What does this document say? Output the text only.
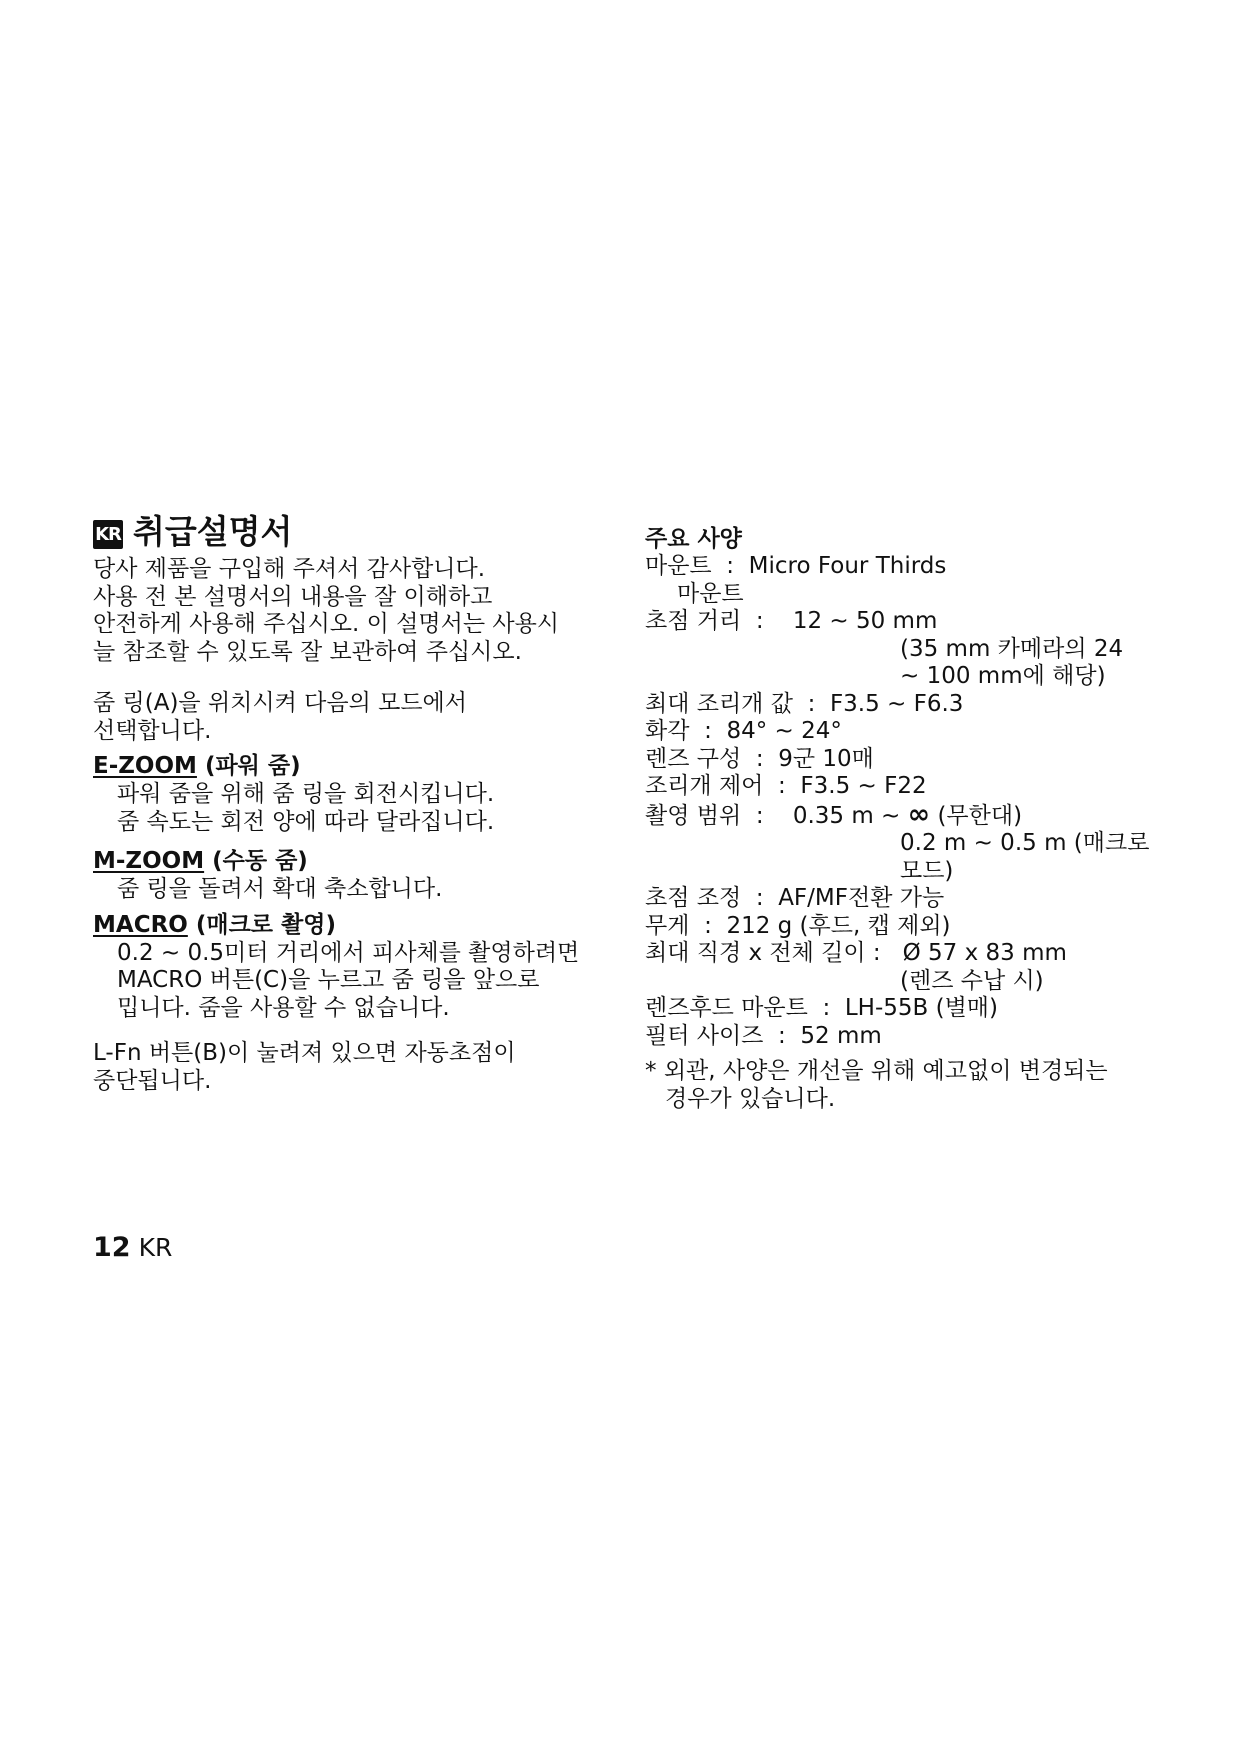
KR 취급설명서
당사 제품을 구입해 주셔서 감사합니다.
사용 전 본 설명서의 내용을 잘 이해하고
안전하게 사용해 주십시오. 이 설명서는 사용시
늘 참조할 수 있도록 잘 보관하여 주십시오.
줌 링(A)을 위치시켜 다음의 모드에서
선택합니다.
E-ZOOM (파워 줌)
파워 줌을 위해 줌 링을 회전시킵니다.
줌 속도는 회전 양에 따라 달라집니다.
M-ZOOM (수동 줌)
줌 링을 돌려서 확대 축소합니다.
MACRO (매크로 촬영)
0.2 ~ 0.5미터 거리에서 피사체를 촬영하려면
MACRO 버튼(C)을 누르고 줌 링을 앞으로
밉니다. 줌을 사용할 수 없습니다.
L-Fn 버튼(B)이 눌려져 있으면 자동초점이
중단됩니다.
주요 사양
마운트 : Micro Four Thirds
마운트
초점 거리 : 12 ~ 50 mm
(35 mm 카메라의 24
~ 100 mm에 해당)
최대 조리개 값 : F3.5 ~ F6.3
화각 : 84° ~ 24°
렌즈 구성 : 9군 10매
조리개 제어 : F3.5 ~ F22
촬영 범위 : 0.35 m ~ ∞ (무한대)
0.2 m ~ 0.5 m (매크로
모드)
초점 조정 : AF/MF전환 가능
무게 : 212 g (후드, 캡 제외)
최대 직경 x 전체 길이 : Ø 57 x 83 mm
(렌즈 수납 시)
렌즈후드 마운트 : LH-55B (별매)
필터 사이즈 : 52 mm
* 외관, 사양은 개선을 위해 예고없이 변경되는
경우가 있습니다.
12 KR
